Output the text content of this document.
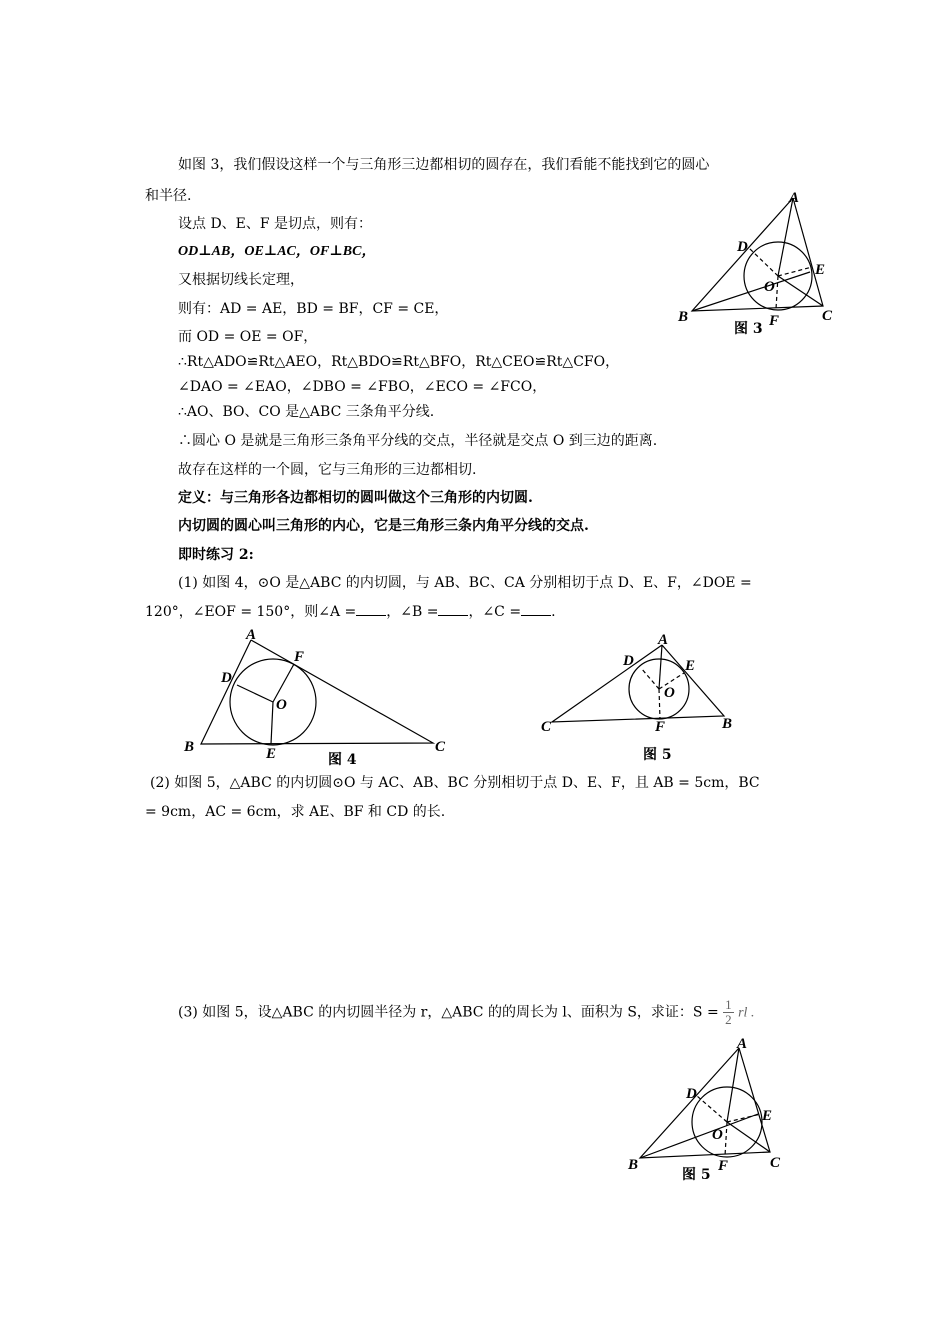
如图 3，我们假设这样一个与三角形三边都相切的圆存在，我们看能不能找到它的圆心
和半径.
设点 D、E、F 是切点，则有：
OD⊥AB，OE⊥AC，OF⊥BC，
又根据切线长定理，
则有：AD = AE，BD = BF，CF = CE，
而 OD = OE = OF，
∴Rt△ADO≌Rt△AEO，Rt△BDO≌Rt△BFO，Rt△CEO≌Rt△CFO，
∠DAO = ∠EAO，∠DBO = ∠FBO，∠ECO = ∠FCO，
∴AO、BO、CO 是△ABC 三条角平分线.
∴圆心 O 是就是三角形三条角平分线的交点，半径就是交点 O 到三边的距离.
故存在这样的一个圆，它与三角形的三边都相切.
定义：与三角形各边都相切的圆叫做这个三角形的内切圆.
内切圆的圆心叫三角形的内心，它是三角形三条内角平分线的交点.
即时练习 2:
(1) 如图 4，⊙O 是△ABC 的内切圆，与 AB、BC、CA 分别相切于点 D、E、F，∠DOE =
120°，∠EOF = 150°，则∠A = ，∠B = ，∠C = .
(2) 如图 5，△ABC 的内切圆⊙O 与 AC、AB、BC 分别相切于点 D、E、F，且 AB = 5cm，BC
= 9cm，AC = 6cm，求 AE、BF 和 CD 的长.
(3) 如图 5，设△ABC 的内切圆半径为 r，△ABC 的的周长为 l、面积为 S，求证：$S = \frac{1}{2}$ rl .
A
B	C
D
E
F
O
图 3
A
B	C
D
E
F
O
图 4
A
B
C
D	E
F
O
图 5
A
B	C
D
E
F
O
图 5
